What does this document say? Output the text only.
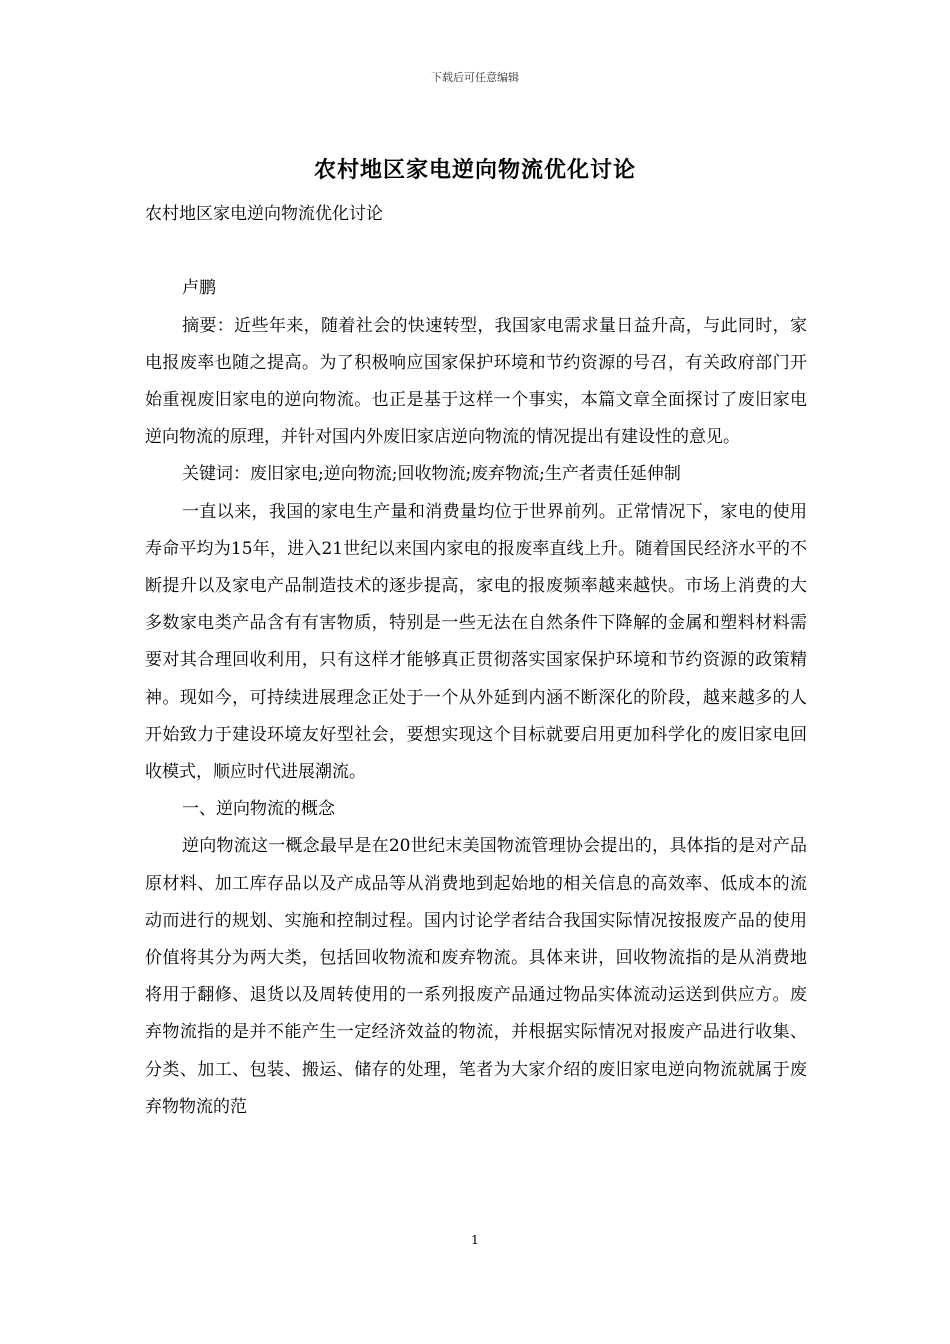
下载后可任意编辑
农村地区家电逆向物流优化讨论

农村地区家电逆向物流优化讨论

卢鹏

摘要：近些年来，随着社会的快速转型，我国家电需求量日益升高，与此同时，家电报废率也随之提高。为了积极响应国家保护环境和节约资源的号召，有关政府部门开始重视废旧家电的逆向物流。也正是基于这样一个事实，本篇文章全面探讨了废旧家电逆向物流的原理，并针对国内外废旧家店逆向物流的情况提出有建设性的意见。

关键词：废旧家电;逆向物流;回收物流;废弃物流;生产者责任延伸制

一直以来，我国的家电生产量和消费量均位于世界前列。正常情况下，家电的使用寿命平均为15年，进入21世纪以来国内家电的报废率直线上升。随着国民经济水平的不断提升以及家电产品制造技术的逐步提高，家电的报废频率越来越快。市场上消费的大多数家电类产品含有有害物质，特别是一些无法在自然条件下降解的金属和塑料材料需要对其合理回收利用，只有这样才能够真正贯彻落实国家保护环境和节约资源的政策精神。现如今，可持续进展理念正处于一个从外延到内涵不断深化的阶段，越来越多的人开始致力于建设环境友好型社会，要想实现这个目标就要启用更加科学化的废旧家电回收模式，顺应时代进展潮流。

一、逆向物流的概念

逆向物流这一概念最早是在20世纪末美国物流管理协会提出的，具体指的是对产品原材料、加工库存品以及产成品等从消费地到起始地的相关信息的高效率、低成本的流动而进行的规划、实施和控制过程。国内讨论学者结合我国实际情况按报废产品的使用价值将其分为两大类，包括回收物流和废弃物流。具体来讲，回收物流指的是从消费地将用于翻修、退货以及周转使用的一系列报废产品通过物品实体流动运送到供应方。废弃物流指的是并不能产生一定经济效益的物流，并根据实际情况对报废产品进行收集、分类、加工、包装、搬运、储存的处理，笔者为大家介绍的废旧家电逆向物流就属于废弃物物流的范

1
